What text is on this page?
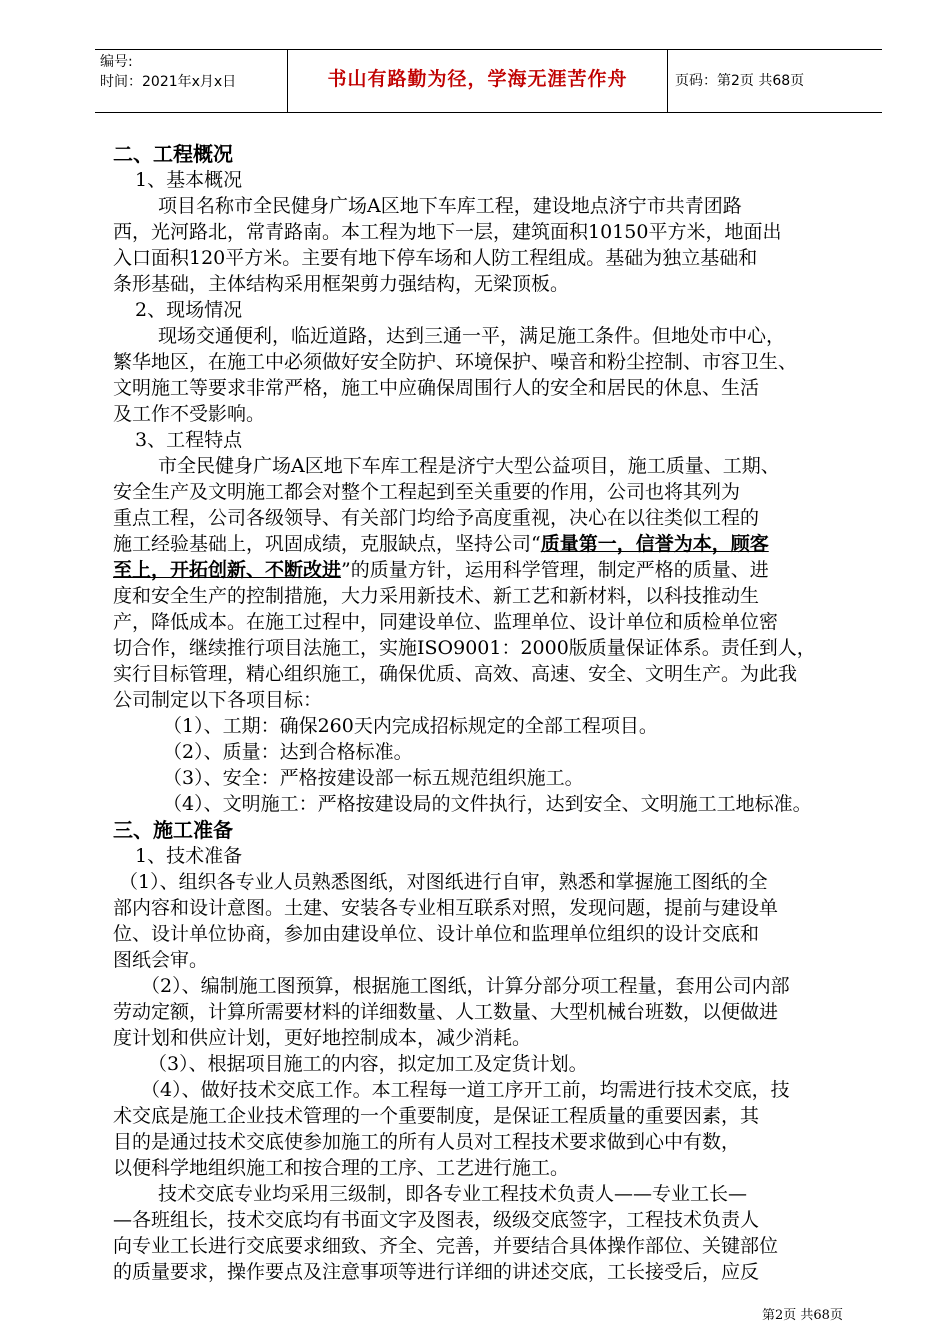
编号:
时间：2021年x月x日	书山有路勤为径，学海无涯苦作舟	页码：第2页 共68页
二、工程概况
1、基本概况
项目名称市全民健身广场A区地下车库工程，建设地点济宁市共青团路
西，光河路北，常青路南。本工程为地下一层，建筑面积10150平方米，地面出
入口面积120平方米。主要有地下停车场和人防工程组成。基础为独立基础和
条形基础，主体结构采用框架剪力强结构，无梁顶板。
2、现场情况
现场交通便利，临近道路，达到三通一平，满足施工条件。但地处市中心，
繁华地区，在施工中必须做好安全防护、环境保护、噪音和粉尘控制、市容卫生、
文明施工等要求非常严格，施工中应确保周围行人的安全和居民的休息、生活
及工作不受影响。
3、工程特点
市全民健身广场A区地下车库工程是济宁大型公益项目，施工质量、工期、
安全生产及文明施工都会对整个工程起到至关重要的作用，公司也将其列为
重点工程，公司各级领导、有关部门均给予高度重视，决心在以往类似工程的
施工经验基础上，巩固成绩，克服缺点，坚持公司“质量第一，信誉为本，顾客
至上，开拓创新、不断改进”的质量方针，运用科学管理，制定严格的质量、进
度和安全生产的控制措施，大力采用新技术、新工艺和新材料，以科技推动生
产，降低成本。在施工过程中，同建设单位、监理单位、设计单位和质检单位密
切合作，继续推行项目法施工，实施ISO9001：2000版质量保证体系。责任到人，
实行目标管理，精心组织施工，确保优质、高效、高速、安全、文明生产。为此我
公司制定以下各项目标：
（1）、工期：确保260天内完成招标规定的全部工程项目。
（2）、质量：达到合格标准。
（3）、安全：严格按建设部一标五规范组织施工。
（4）、文明施工：严格按建设局的文件执行，达到安全、文明施工工地标准。
三、施工准备
1、技术准备
（1）、组织各专业人员熟悉图纸，对图纸进行自审，熟悉和掌握施工图纸的全
部内容和设计意图。土建、安装各专业相互联系对照，发现问题，提前与建设单
位、设计单位协商，参加由建设单位、设计单位和监理单位组织的设计交底和
图纸会审。
（2）、编制施工图预算，根据施工图纸，计算分部分项工程量，套用公司内部
劳动定额，计算所需要材料的详细数量、人工数量、大型机械台班数，以便做进
度计划和供应计划，更好地控制成本，减少消耗。
（3）、根据项目施工的内容，拟定加工及定货计划。
（4）、做好技术交底工作。本工程每一道工序开工前，均需进行技术交底，技
术交底是施工企业技术管理的一个重要制度，是保证工程质量的重要因素，其
目的是通过技术交底使参加施工的所有人员对工程技术要求做到心中有数，
以便科学地组织施工和按合理的工序、工艺进行施工。
技术交底专业均采用三级制，即各专业工程技术负责人——专业工长—
—各班组长，技术交底均有书面文字及图表，级级交底签字，工程技术负责人
向专业工长进行交底要求细致、齐全、完善，并要结合具体操作部位、关键部位
的质量要求，操作要点及注意事项等进行详细的讲述交底，工长接受后，应反
第2页 共68页
